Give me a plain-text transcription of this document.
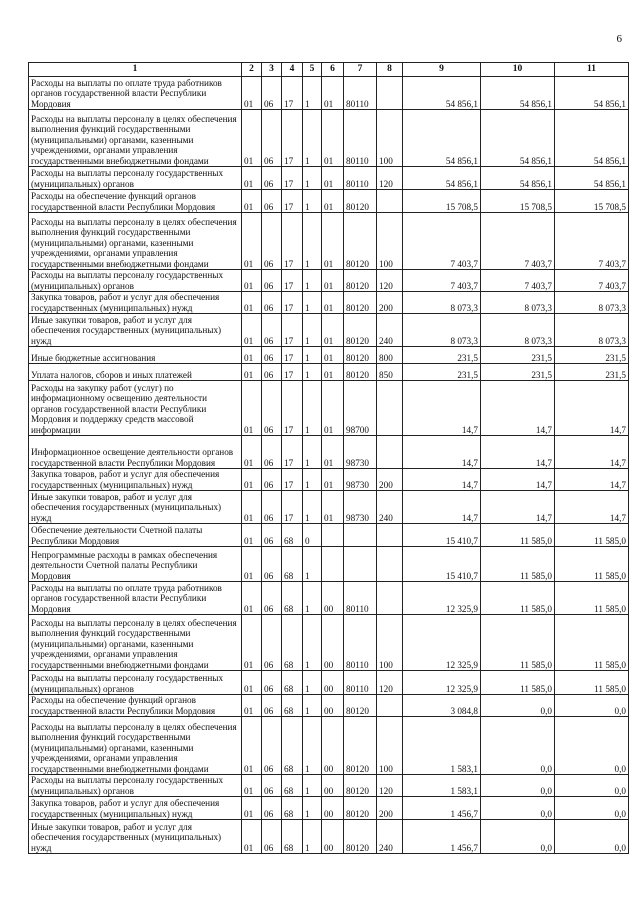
6
1	2	3	4	5	6	7	8	9	10	11
Расходы на выплаты по оплате труда работников органов государственной власти Республики Мордовия	01	06	17	1	01	80110		54 856,1	54 856,1	54 856,1
Расходы на выплаты персоналу в целях обеспечения выполнения функций государственными (муниципальными) органами, казенными учреждениями, органами управления государственными внебюджетными фондами	01	06	17	1	01	80110	100	54 856,1	54 856,1	54 856,1
Расходы на выплаты персоналу государственных (муниципальных) органов	01	06	17	1	01	80110	120	54 856,1	54 856,1	54 856,1
Расходы на обеспечение функций органов государственной власти Республики Мордовия	01	06	17	1	01	80120		15 708,5	15 708,5	15 708,5
Расходы на выплаты персоналу в целях обеспечения выполнения функций государственными (муниципальными) органами, казенными учреждениями, органами управления государственными внебюджетными фондами	01	06	17	1	01	80120	100	7 403,7	7 403,7	7 403,7
Расходы на выплаты персоналу государственных (муниципальных) органов	01	06	17	1	01	80120	120	7 403,7	7 403,7	7 403,7
Закупка товаров, работ и услуг для обеспечения государственных (муниципальных) нужд	01	06	17	1	01	80120	200	8 073,3	8 073,3	8 073,3
Иные закупки товаров, работ и услуг для обеспечения государственных (муниципальных) нужд	01	06	17	1	01	80120	240	8 073,3	8 073,3	8 073,3
Иные бюджетные ассигнования	01	06	17	1	01	80120	800	231,5	231,5	231,5
Уплата налогов, сборов и иных платежей	01	06	17	1	01	80120	850	231,5	231,5	231,5
Расходы на закупку работ (услуг) по информационному освещению деятельности органов государственной власти Республики Мордовия и поддержку средств массовой информации	01	06	17	1	01	98700		14,7	14,7	14,7
Информационное освещение деятельности органов государственной власти Республики Мордовия	01	06	17	1	01	98730		14,7	14,7	14,7
Закупка товаров, работ и услуг для обеспечения государственных (муниципальных) нужд	01	06	17	1	01	98730	200	14,7	14,7	14,7
Иные закупки товаров, работ и услуг для обеспечения государственных (муниципальных) нужд	01	06	17	1	01	98730	240	14,7	14,7	14,7
Обеспечение деятельности Счетной палаты Республики Мордовия	01	06	68	0				15 410,7	11 585,0	11 585,0
Непрограммные расходы в рамках обеспечения деятельности Счетной палаты Республики Мордовия	01	06	68	1				15 410,7	11 585,0	11 585,0
Расходы на выплаты по оплате труда работников органов государственной власти Республики Мордовия	01	06	68	1	00	80110		12 325,9	11 585,0	11 585,0
Расходы на выплаты персоналу в целях обеспечения выполнения функций государственными (муниципальными) органами, казенными учреждениями, органами управления государственными внебюджетными фондами	01	06	68	1	00	80110	100	12 325,9	11 585,0	11 585,0
Расходы на выплаты персоналу государственных (муниципальных) органов	01	06	68	1	00	80110	120	12 325,9	11 585,0	11 585,0
Расходы на обеспечение функций органов государственной власти Республики Мордовия	01	06	68	1	00	80120		3 084,8	0,0	0,0
Расходы на выплаты персоналу в целях обеспечения выполнения функций государственными (муниципальными) органами, казенными учреждениями, органами управления государственными внебюджетными фондами	01	06	68	1	00	80120	100	1 583,1	0,0	0,0
Расходы на выплаты персоналу государственных (муниципальных) органов	01	06	68	1	00	80120	120	1 583,1	0,0	0,0
Закупка товаров, работ и услуг для обеспечения государственных (муниципальных) нужд	01	06	68	1	00	80120	200	1 456,7	0,0	0,0
Иные закупки товаров, работ и услуг для обеспечения государственных (муниципальных) нужд	01	06	68	1	00	80120	240	1 456,7	0,0	0,0
